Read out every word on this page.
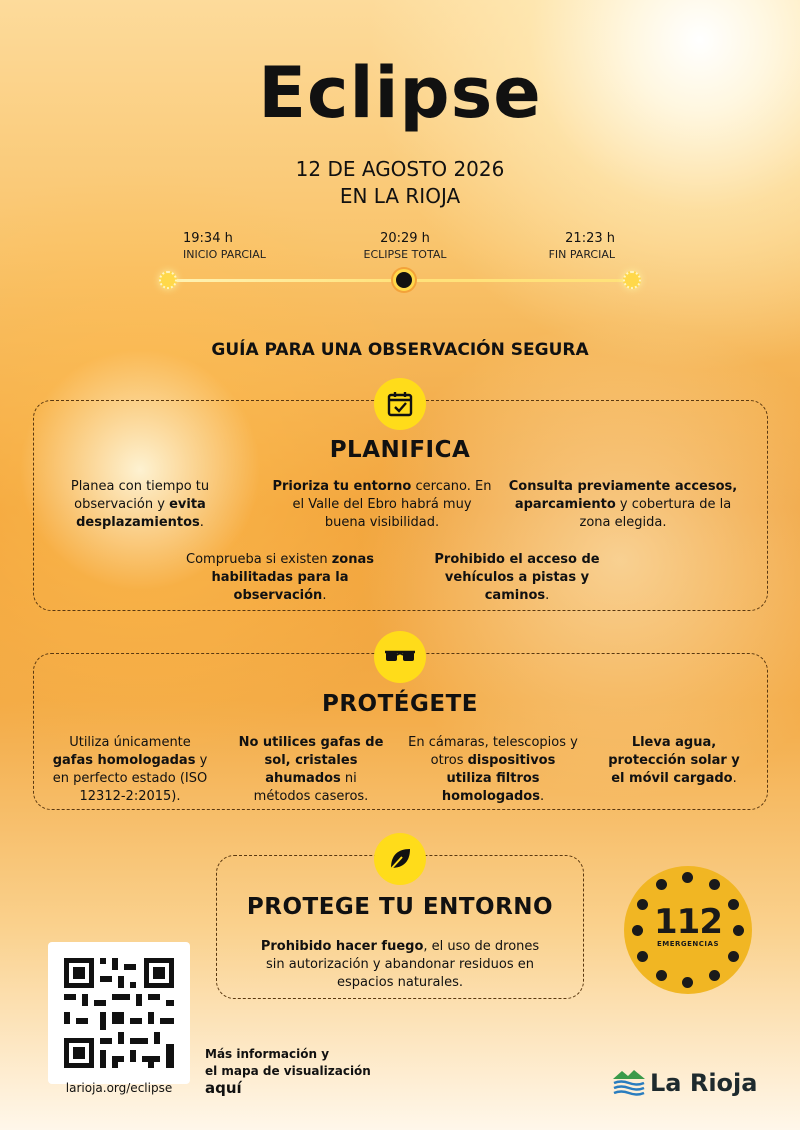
Eclipse
12 DE AGOSTO 2026
EN LA RIOJA
19:34 h
INICIO PARCIAL
20:29 h
ECLIPSE TOTAL
21:23 h
FIN PARCIAL
GUÍA PARA UNA OBSERVACIÓN SEGURA
PLANIFICA
Planea con tiempo tu observación y evita desplazamientos.
Prioriza tu entorno cercano. En el Valle del Ebro habrá muy buena visibilidad.
Consulta previamente accesos, aparcamiento y cobertura de la zona elegida.
Comprueba si existen zonas habilitadas para la observación.
Prohibido el acceso de vehículos a pistas y caminos.
PROTÉGETE
Utiliza únicamente gafas homologadas y en perfecto estado (ISO 12312-2:2015).
No utilices gafas de sol, cristales ahumados ni métodos caseros.
En cámaras, telescopios y otros dispositivos utiliza filtros homologados.
Lleva agua, protección solar y el móvil cargado.
PROTEGE TU ENTORNO
Prohibido hacer fuego, el uso de drones sin autorización y abandonar residuos en espacios naturales.
112
EMERGENCIAS
larioja.org/eclipse
Más información y
el mapa de visualización
aquí	La Rioja
